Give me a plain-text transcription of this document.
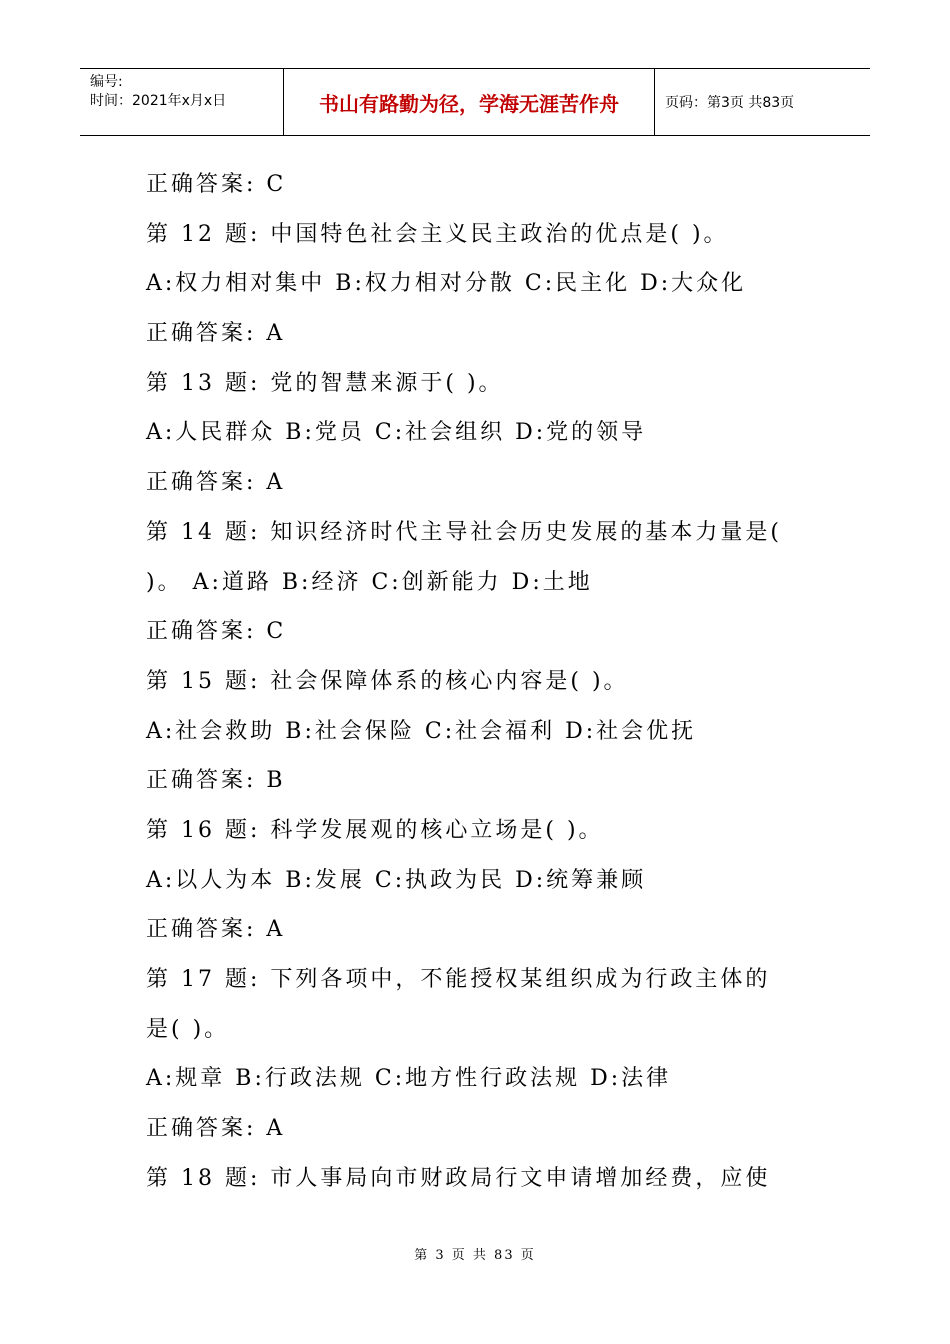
编号:
时间：2021年x月x日	书山有路勤为径，学海无涯苦作舟	页码：第3页 共83页
正确答案: C
第 12 题: 中国特色社会主义民主政治的优点是( )。
A:权力相对集中 B:权力相对分散 C:民主化 D:大众化
正确答案: A
第 13 题: 党的智慧来源于( )。
A:人民群众 B:党员 C:社会组织 D:党的领导
正确答案: A
第 14 题: 知识经济时代主导社会历史发展的基本力量是(
)。 A:道路 B:经济 C:创新能力 D:土地
正确答案: C
第 15 题: 社会保障体系的核心内容是( )。
A:社会救助 B:社会保险 C:社会福利 D:社会优抚
正确答案: B
第 16 题: 科学发展观的核心立场是( )。
A:以人为本 B:发展 C:执政为民 D:统筹兼顾
正确答案: A
第 17 题: 下列各项中，不能授权某组织成为行政主体的
是( )。
A:规章 B:行政法规 C:地方性行政法规 D:法律
正确答案: A
第 18 题: 市人事局向市财政局行文申请增加经费，应使
第 3 页 共 83 页
